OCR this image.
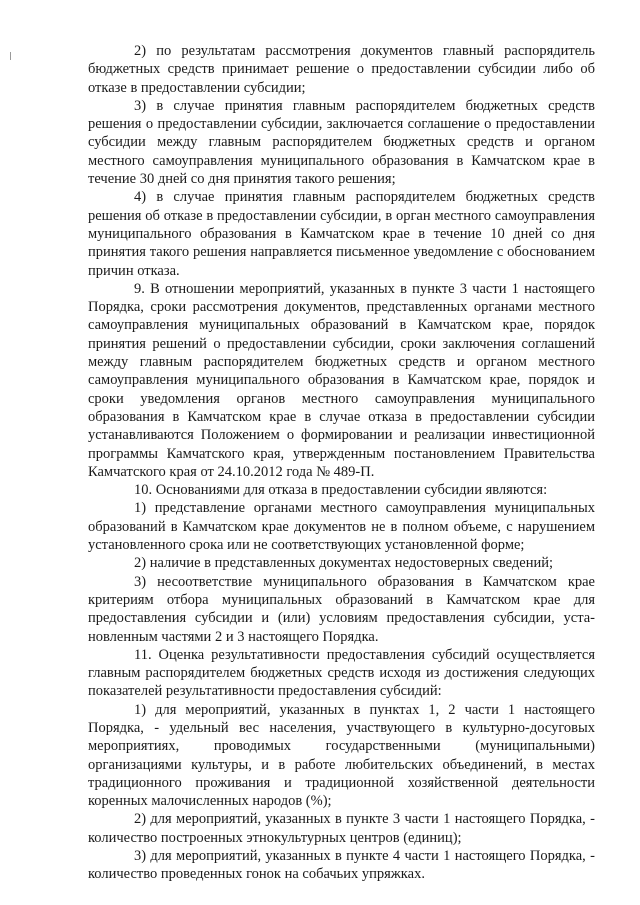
2) по результатам рассмотрения документов главный распорядитель бюджетных средств принимает решение о предоставлении субсидии либо об отказе в предоставлении субсидии;

3) в случае принятия главным распорядителем бюджетных средств решения о предоставлении субсидии, заключается соглашение о предоставлении субсидии между главным распорядителем бюджетных средств и органом местного самоуправления муниципального образования в Камчатском крае в течение 30 дней со дня принятия такого решения;

4) в случае принятия главным распорядителем бюджетных средств решения об отказе в предоставлении субсидии, в орган местного самоуправления муниципального образования в Камчатском крае в течение 10 дней со дня принятия такого решения направляется письменное уведомление с обоснованием причин отказа.

9. В отношении мероприятий, указанных в пункте 3 части 1 настоящего Порядка, сроки рассмотрения документов, представленных органами местного самоуправления муниципальных образований в Камчатском крае, порядок принятия решений о предоставлении субсидии, сроки заключения соглашений между главным распорядителем бюджетных средств и органом местного самоуправления муниципального образования в Камчатском крае, порядок и сроки уведомления органов местного самоуправления муниципального образования в Камчатском крае в случае отказа в предоставлении субсидии устанавливаются Положением о формировании и реализации инвестиционной программы Камчатского края, утвержденным постановлением Правительства Камчатского края от 24.10.2012 года № 489-П.

10. Основаниями для отказа в предоставлении субсидии являются:

1) представление органами местного самоуправления муниципальных образований в Камчатском крае документов не в полном объеме, с нарушением установленного срока или не соответствующих установленной форме;

2) наличие в представленных документах недостоверных сведений;

3) несоответствие муниципального образования в Камчатском крае критериям отбора муниципальных образований в Камчатском крае для предоставления субсидии и (или) условиям предоставления субсидии, установленным частями 2 и 3 настоящего Порядка.

11. Оценка результативности предоставления субсидий осуществляется главным распорядителем бюджетных средств исходя из достижения следующих показателей результативности предоставления субсидий:

1) для мероприятий, указанных в пунктах 1, 2 части 1 настоящего Порядка, - удельный вес населения, участвующего в культурно-досуговых мероприятиях, проводимых государственными (муниципальными) организациями культуры, и в работе любительских объединений, в местах традиционного проживания и традиционной хозяйственной деятельности коренных малочисленных народов (%);

2) для мероприятий, указанных в пункте 3 части 1 настоящего Порядка, - количество построенных этнокультурных центров (единиц);

3) для мероприятий, указанных в пункте 4 части 1 настоящего Порядка, - количество проведенных гонок на собачьих упряжках.
